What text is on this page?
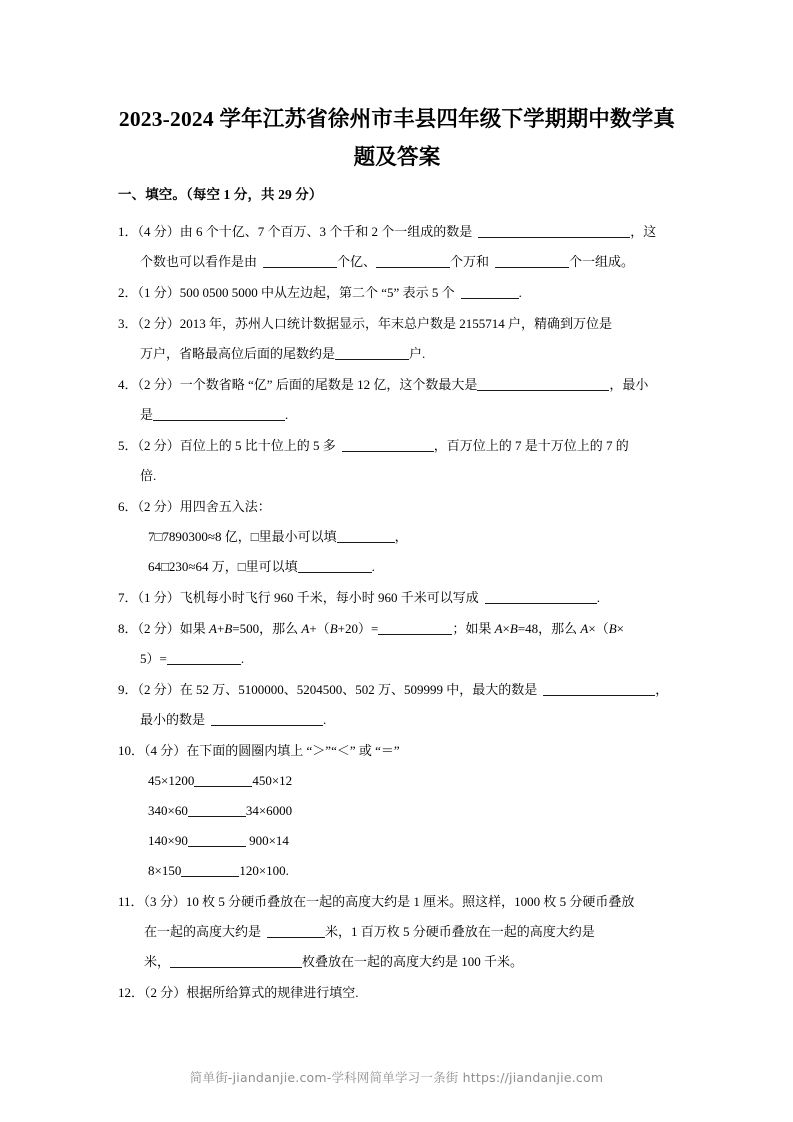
2023-2024 学年江苏省徐州市丰县四年级下学期期中数学真题及答案
一、填空。（每空 1 分，共 29 分）
1．（4 分）由 6 个十亿、7 个百万、3 个千和 2 个一组成的数是	，这
个数也可以看作是由	个亿、	个万和	个一组成。
2．（1 分）500 0500 5000 中从左边起，第二个 “5” 表示 5 个	.
3．（2 分）2013 年，苏州人口统计数据显示，年末总户数是 2155714 户，精确到万位是
万户，省略最高位后面的尾数约是	户.
4．（2 分）一个数省略 “亿” 后面的尾数是 12 亿，这个数最大是	，最小
是	.
5．（2 分）百位上的 5 比十位上的 5 多	，百万位上的 7 是十万位上的 7 的
倍.
6．（2 分）用四舍五入法：
7□7890300≈8 亿，□里最小可以填	，
64□230≈64 万，□里可以填	.
7．（1 分）飞机每小时飞行 960 千米，每小时 960 千米可以写成	.
8．（2 分）如果 A+B=500，那么 A+（B+20）=	；如果 A×B=48，那么 A×（B×
5）=	.
9．（2 分）在 52 万、5100000、5204500、502 万、509999 中，最大的数是	，
最小的数是	.
10．（4 分）在下面的圆圈内填上 “＞”“＜” 或 “＝”
45×1200	450×12
340×60	34×6000
140×90	900×14
8×150	120×100.
11．（3 分）10 枚 5 分硬币叠放在一起的高度大约是 1 厘米。照这样，1000 枚 5 分硬币叠放
在一起的高度大约是	米，1 百万枚 5 分硬币叠放在一起的高度大约是
米，	枚叠放在一起的高度大约是 100 千米。
12．（2 分）根据所给算式的规律进行填空.
简单街-jiandanjie.com-学科网简单学习一条街 https://jiandanjie.com
